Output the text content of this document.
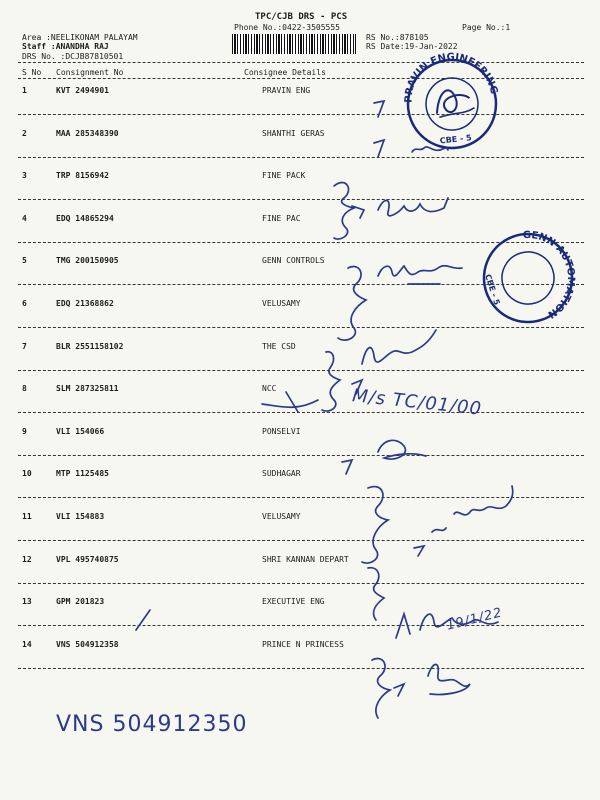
TPC/CJB DRS - PCS
Phone No.:0422-3505555	Page No.:1
Area :NEELIKONAM PALAYAM
Staff :ANANDHA RAJ
DRS No. :DCJB87810501
RS No.:878105
RS Date:19-Jan-2022
S No Consignment No	Consignee Details
1	KVT 2494901	PRAVIN ENG
2	MAA 285348390	SHANTHI GERAS
3	TRP 8156942	FINE PACK
4	EDQ 14865294	FINE PAC
5	TMG 200150905	GENN CONTROLS
6	EDQ 21368862	VELUSAMY
7	BLR 2551158102	THE CSD
8	SLM 287325811	NCC
9	VLI 154066	PONSELVI
10	MTP 1125485	SUDHAGAR
11	VLI 154883	VELUSAMY
12	VPL 495740875	SHRI KANNAN DEPART
13	GPM 201823	EXECUTIVE ENG
14	VNS 504912358	PRINCE N PRINCESS
PRAVIN ENGINEERING
CBE - 5
GENN AUTOMATION
CBE - 5
M/s TC/01/00
19/1/22
VNS 504912350
